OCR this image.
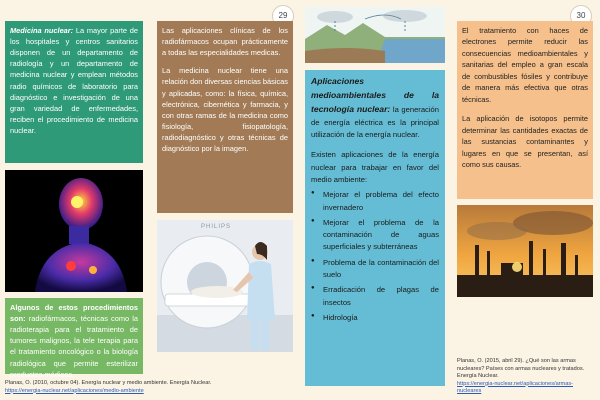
29
Medicina nuclear: La mayor parte de los hospitales y centros sanitarios disponen de un departamento de radiología y un departamento de medicina nuclear y emplean métodos radio químicos de laboratorio para diagnóstico e investigación de una gran variedad de enfermedades, reciben el procedimiento de medicina nuclear.

Las aplicaciones clínicas de los radiofármacos ocupan prácticamente a todas las especialidades medicas.

La medicina nuclear tiene una relación don diversas ciencias básicas y aplicadas, como: la física, química, electrónica, cibernética y farmacia, y con otras ramas de la medicina como fisiología, fisiopatología, radiodiagnóstico y otras técnicas de diagnóstico por la imagen.

PHILIPS
Algunos de estos procedimientos son: radiofármacos, técnicas como la radioterapia para el tratamiento de tumores malignos, la tele terapia para el tratamiento oncológico o la biología radiológica que permite esterilizar productos médicos.
Planas, O. (2010, octubre 04). Energía nuclear y medio ambiente. Energía Nuclear.
https://energia-nuclear.net/aplicaciones/medio-ambiente
30

Aplicaciones medioambientales de la tecnología nuclear: la generación de energía eléctrica es la principal utilización de la energía nuclear.

Existen aplicaciones de la energía nuclear para trabajar en favor del medio ambiente:

● Mejorar el problema del efecto invernadero
● Mejorar el problema de la contaminación de aguas superficiales y subterráneas
● Problema de la contaminación del suelo
● Erradicación de plagas de insectos
● Hidrología

El tratamiento con haces de electrones permite reducir las consecuencias medioambientales y sanitarias del empleo a gran escala de combustibles fósiles y contribuye de manera más efectiva que otras técnicas.

La aplicación de isotopos permite determinar las cantidades exactas de las sustancias contaminantes y lugares en que se presentan, así como sus causas.

Planas, O. (2015, abril 29). ¿Qué son las armas nucleares? Países con armas nucleares y tratados. Energía Nuclear.
https://energia-nuclear.net/aplicaciones/armas-nucleares
